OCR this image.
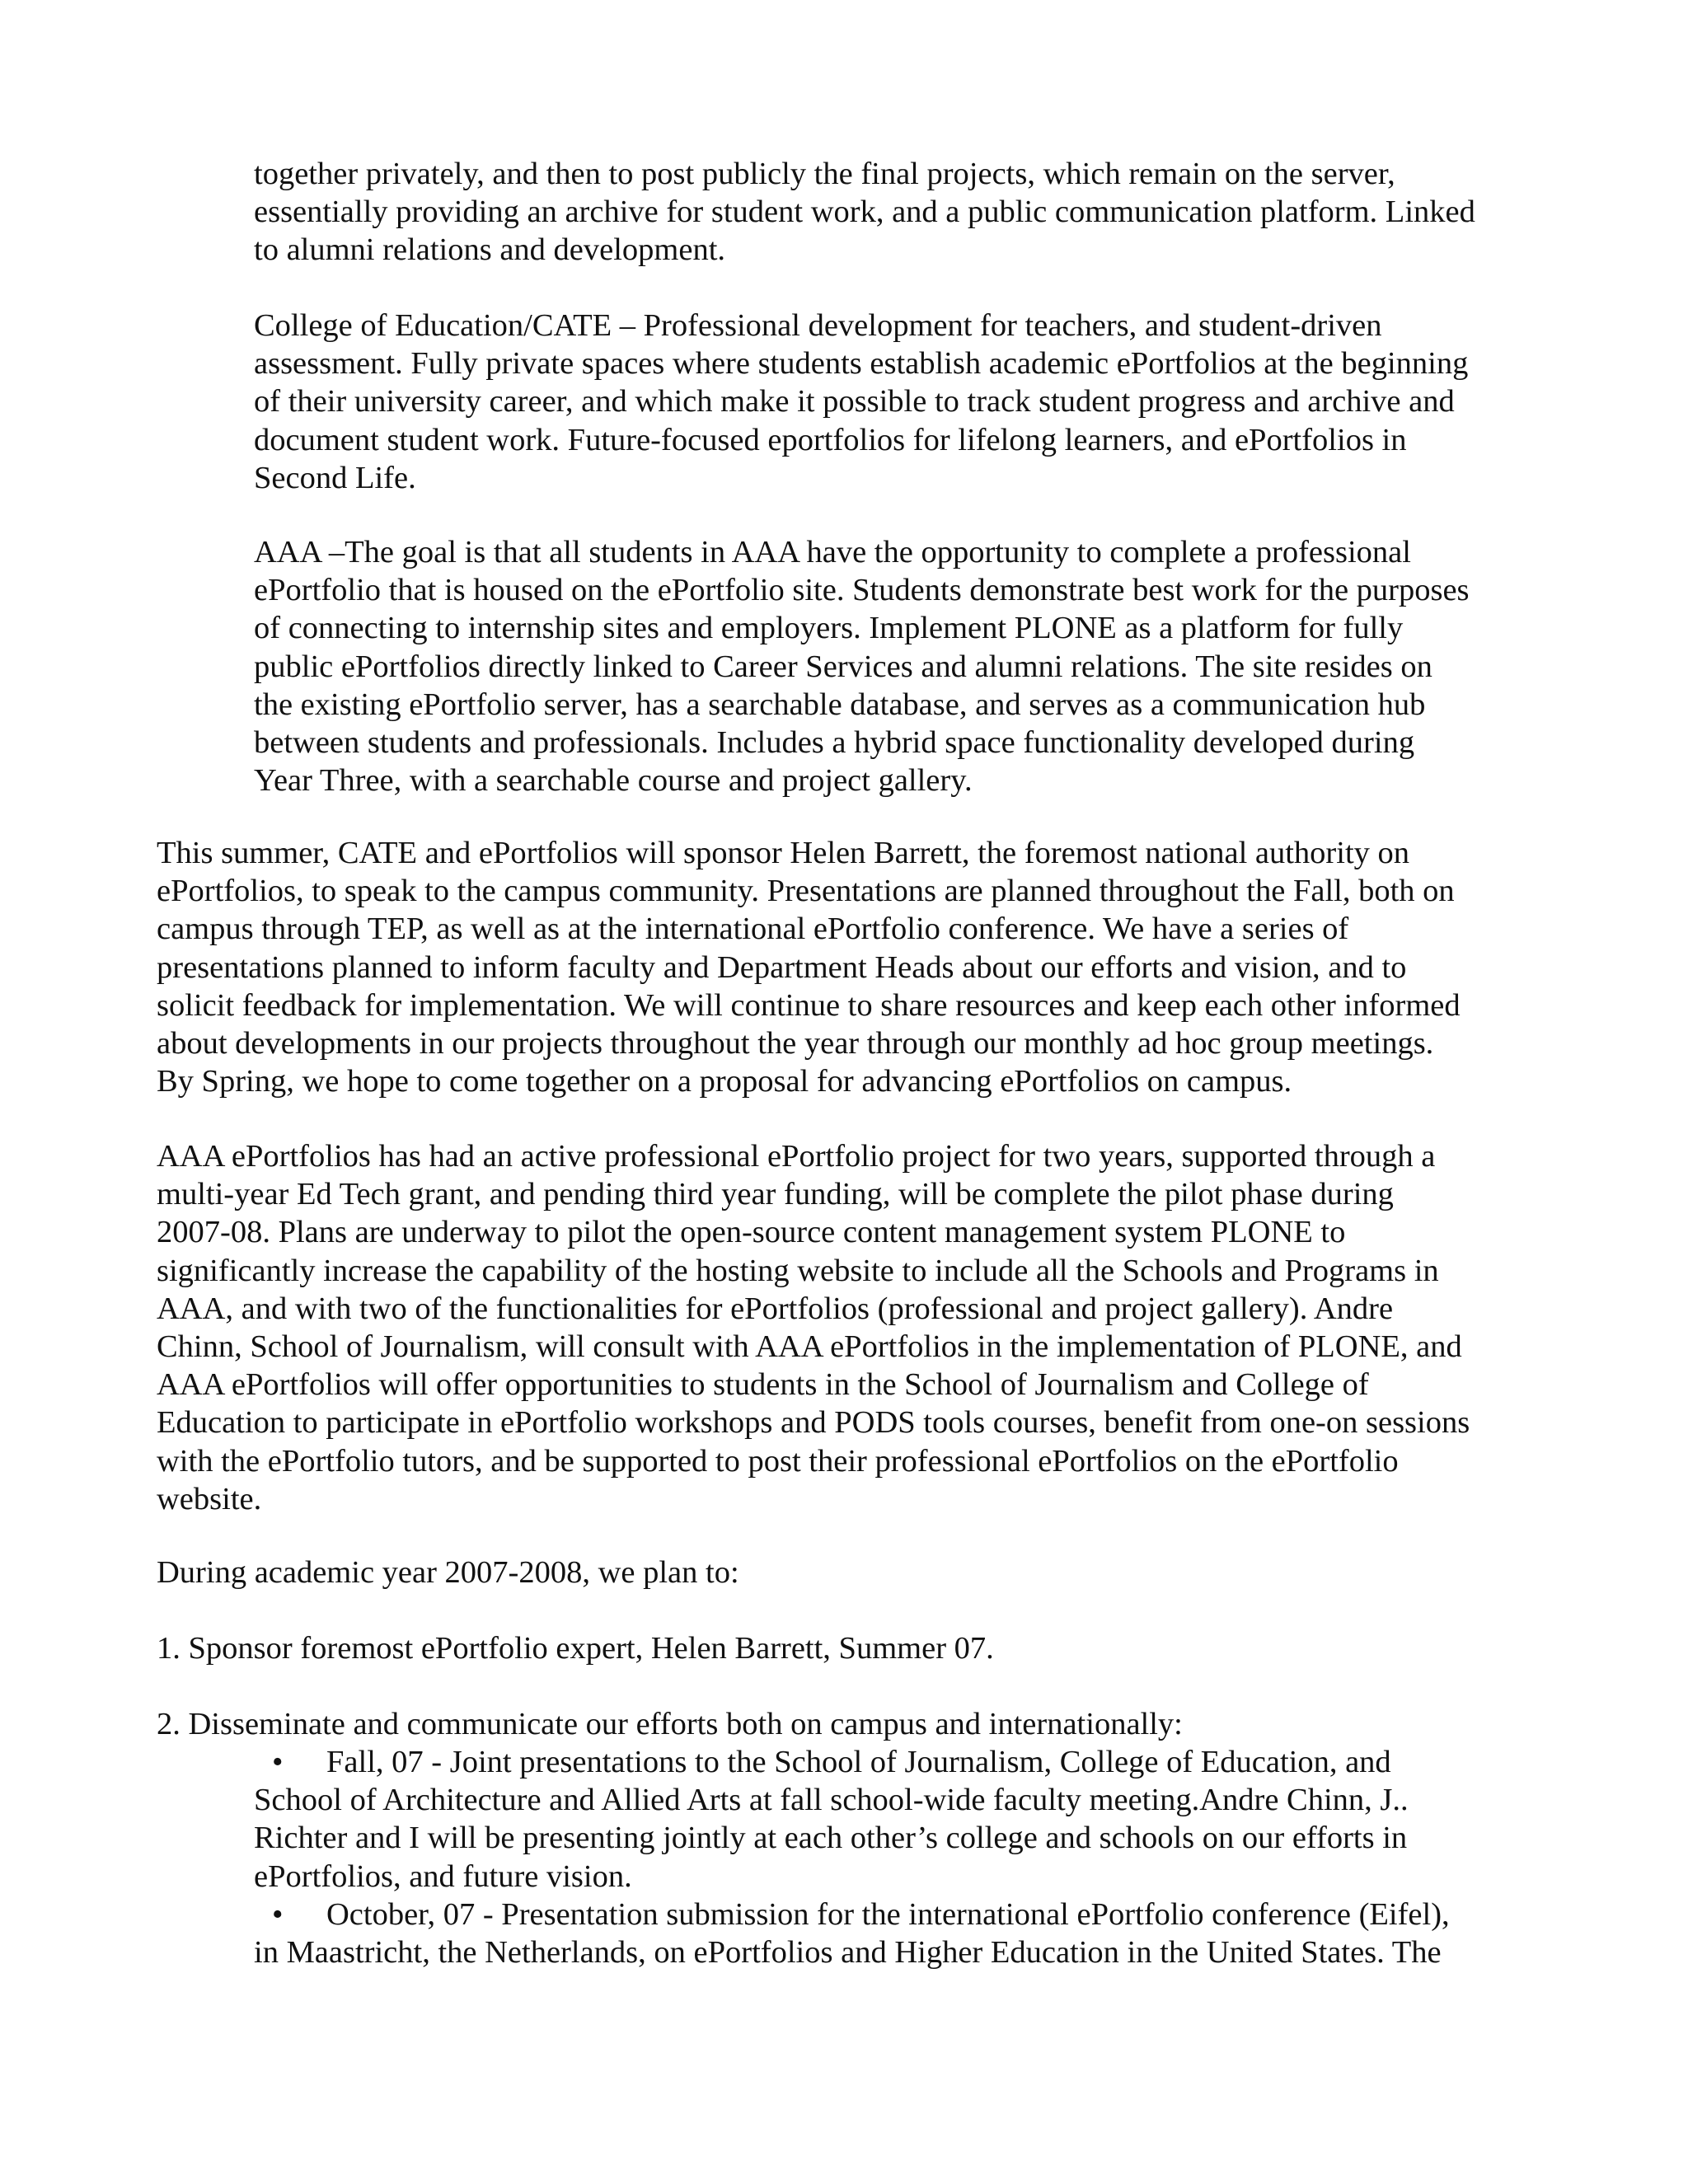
together privately, and then to post publicly the final projects, which remain on the server,
essentially providing an archive for student work, and a public communication platform. Linked
to alumni relations and development.

College of Education/CATE – Professional development for teachers, and student-driven
assessment. Fully private spaces where students establish academic ePortfolios at the beginning
of their university career, and which make it possible to track student progress and archive and
document student work. Future-focused eportfolios for lifelong learners, and ePortfolios in
Second Life.

AAA –The goal is that all students in AAA have the opportunity to complete a professional
ePortfolio that is housed on the ePortfolio site. Students demonstrate best work for the purposes
of connecting to internship sites and employers. Implement PLONE as a platform for fully
public ePortfolios directly linked to Career Services and alumni relations. The site resides on
the existing ePortfolio server, has a searchable database, and serves as a communication hub
between students and professionals. Includes a hybrid space functionality developed during
Year Three, with a searchable course and project gallery.

This summer, CATE and ePortfolios will sponsor Helen Barrett, the foremost national authority on
ePortfolios, to speak to the campus community. Presentations are planned throughout the Fall, both on
campus through TEP, as well as at the international ePortfolio conference. We have a series of
presentations planned to inform faculty and Department Heads about our efforts and vision, and to
solicit feedback for implementation. We will continue to share resources and keep each other informed
about developments in our projects throughout the year through our monthly ad hoc group meetings.
By Spring, we hope to come together on a proposal for advancing ePortfolios on campus.

AAA ePortfolios has had an active professional ePortfolio project for two years, supported through a
multi-year Ed Tech grant, and pending third year funding, will be complete the pilot phase during
2007-08. Plans are underway to pilot the open-source content management system PLONE to
significantly increase the capability of the hosting website to include all the Schools and Programs in
AAA, and with two of the functionalities for ePortfolios (professional and project gallery). Andre
Chinn, School of Journalism, will consult with AAA ePortfolios in the implementation of PLONE, and
AAA ePortfolios will offer opportunities to students in the School of Journalism and College of
Education to participate in ePortfolio workshops and PODS tools courses, benefit from one-on sessions
with the ePortfolio tutors, and be supported to post their professional ePortfolios on the ePortfolio
website.

During academic year 2007-2008, we plan to:

1. Sponsor foremost ePortfolio expert, Helen Barrett, Summer 07.

2. Disseminate and communicate our efforts both on campus and internationally:

• Fall, 07 - Joint presentations to the School of Journalism, College of Education, and

School of Architecture and Allied Arts at fall school-wide faculty meeting.Andre Chinn, J..
Richter and I will be presenting jointly at each other’s college and schools on our efforts in
ePortfolios, and future vision.

• October, 07 - Presentation submission for the international ePortfolio conference (Eifel),

in Maastricht, the Netherlands, on ePortfolios and Higher Education in the United States. The
